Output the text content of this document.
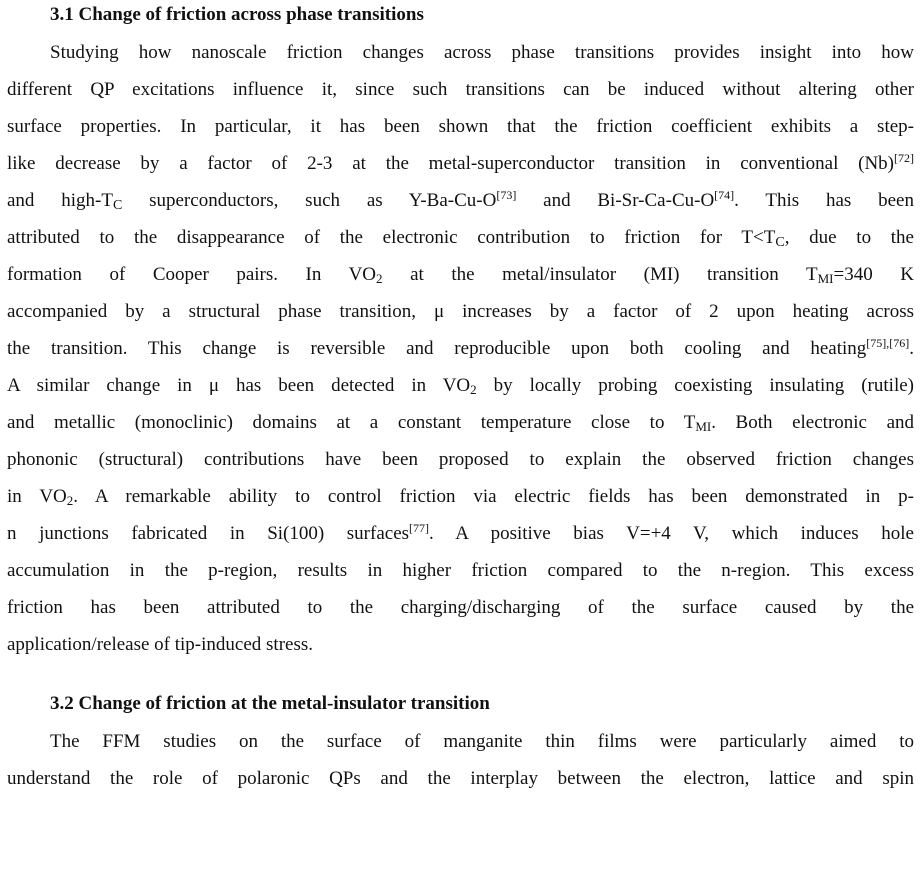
3.1 Change of friction across phase transitions
Studying how nanoscale friction changes across phase transitions provides insight into how
different QP excitations influence it, since such transitions can be induced without altering other
surface properties. In particular, it has been shown that the friction coefficient exhibits a step-
like decrease by a factor of 2-3 at the metal-superconductor transition in conventional (Nb)[72]
and high-$T_C$ superconductors, such as Y-Ba-Cu-O[73] and Bi-Sr-Ca-Cu-O[74]. This has been
attributed to the disappearance of the electronic contribution to friction for $T<T_C$, due to the
formation of Cooper pairs. In $VO_2$ at the metal/insulator (MI) transition $T_{MI}=340$ K
accompanied by a structural phase transition, μ increases by a factor of 2 upon heating across
the transition. This change is reversible and reproducible upon both cooling and heating[75],[76].
A similar change in μ has been detected in $VO_2$ by locally probing coexisting insulating (rutile)
and metallic (monoclinic) domains at a constant temperature close to $T_{MI}$. Both electronic and
phononic (structural) contributions have been proposed to explain the observed friction changes
in $VO_2$. A remarkable ability to control friction via electric fields has been demonstrated in p-
n junctions fabricated in Si(100) surfaces[77]. A positive bias V=+4 V, which induces hole
accumulation in the p-region, results in higher friction compared to the n-region. This excess
friction has been attributed to the charging/discharging of the surface caused by the
application/release of tip-induced stress.
3.2 Change of friction at the metal-insulator transition
The FFM studies on the surface of manganite thin films were particularly aimed to
understand the role of polaronic QPs and the interplay between the electron, lattice and spin
